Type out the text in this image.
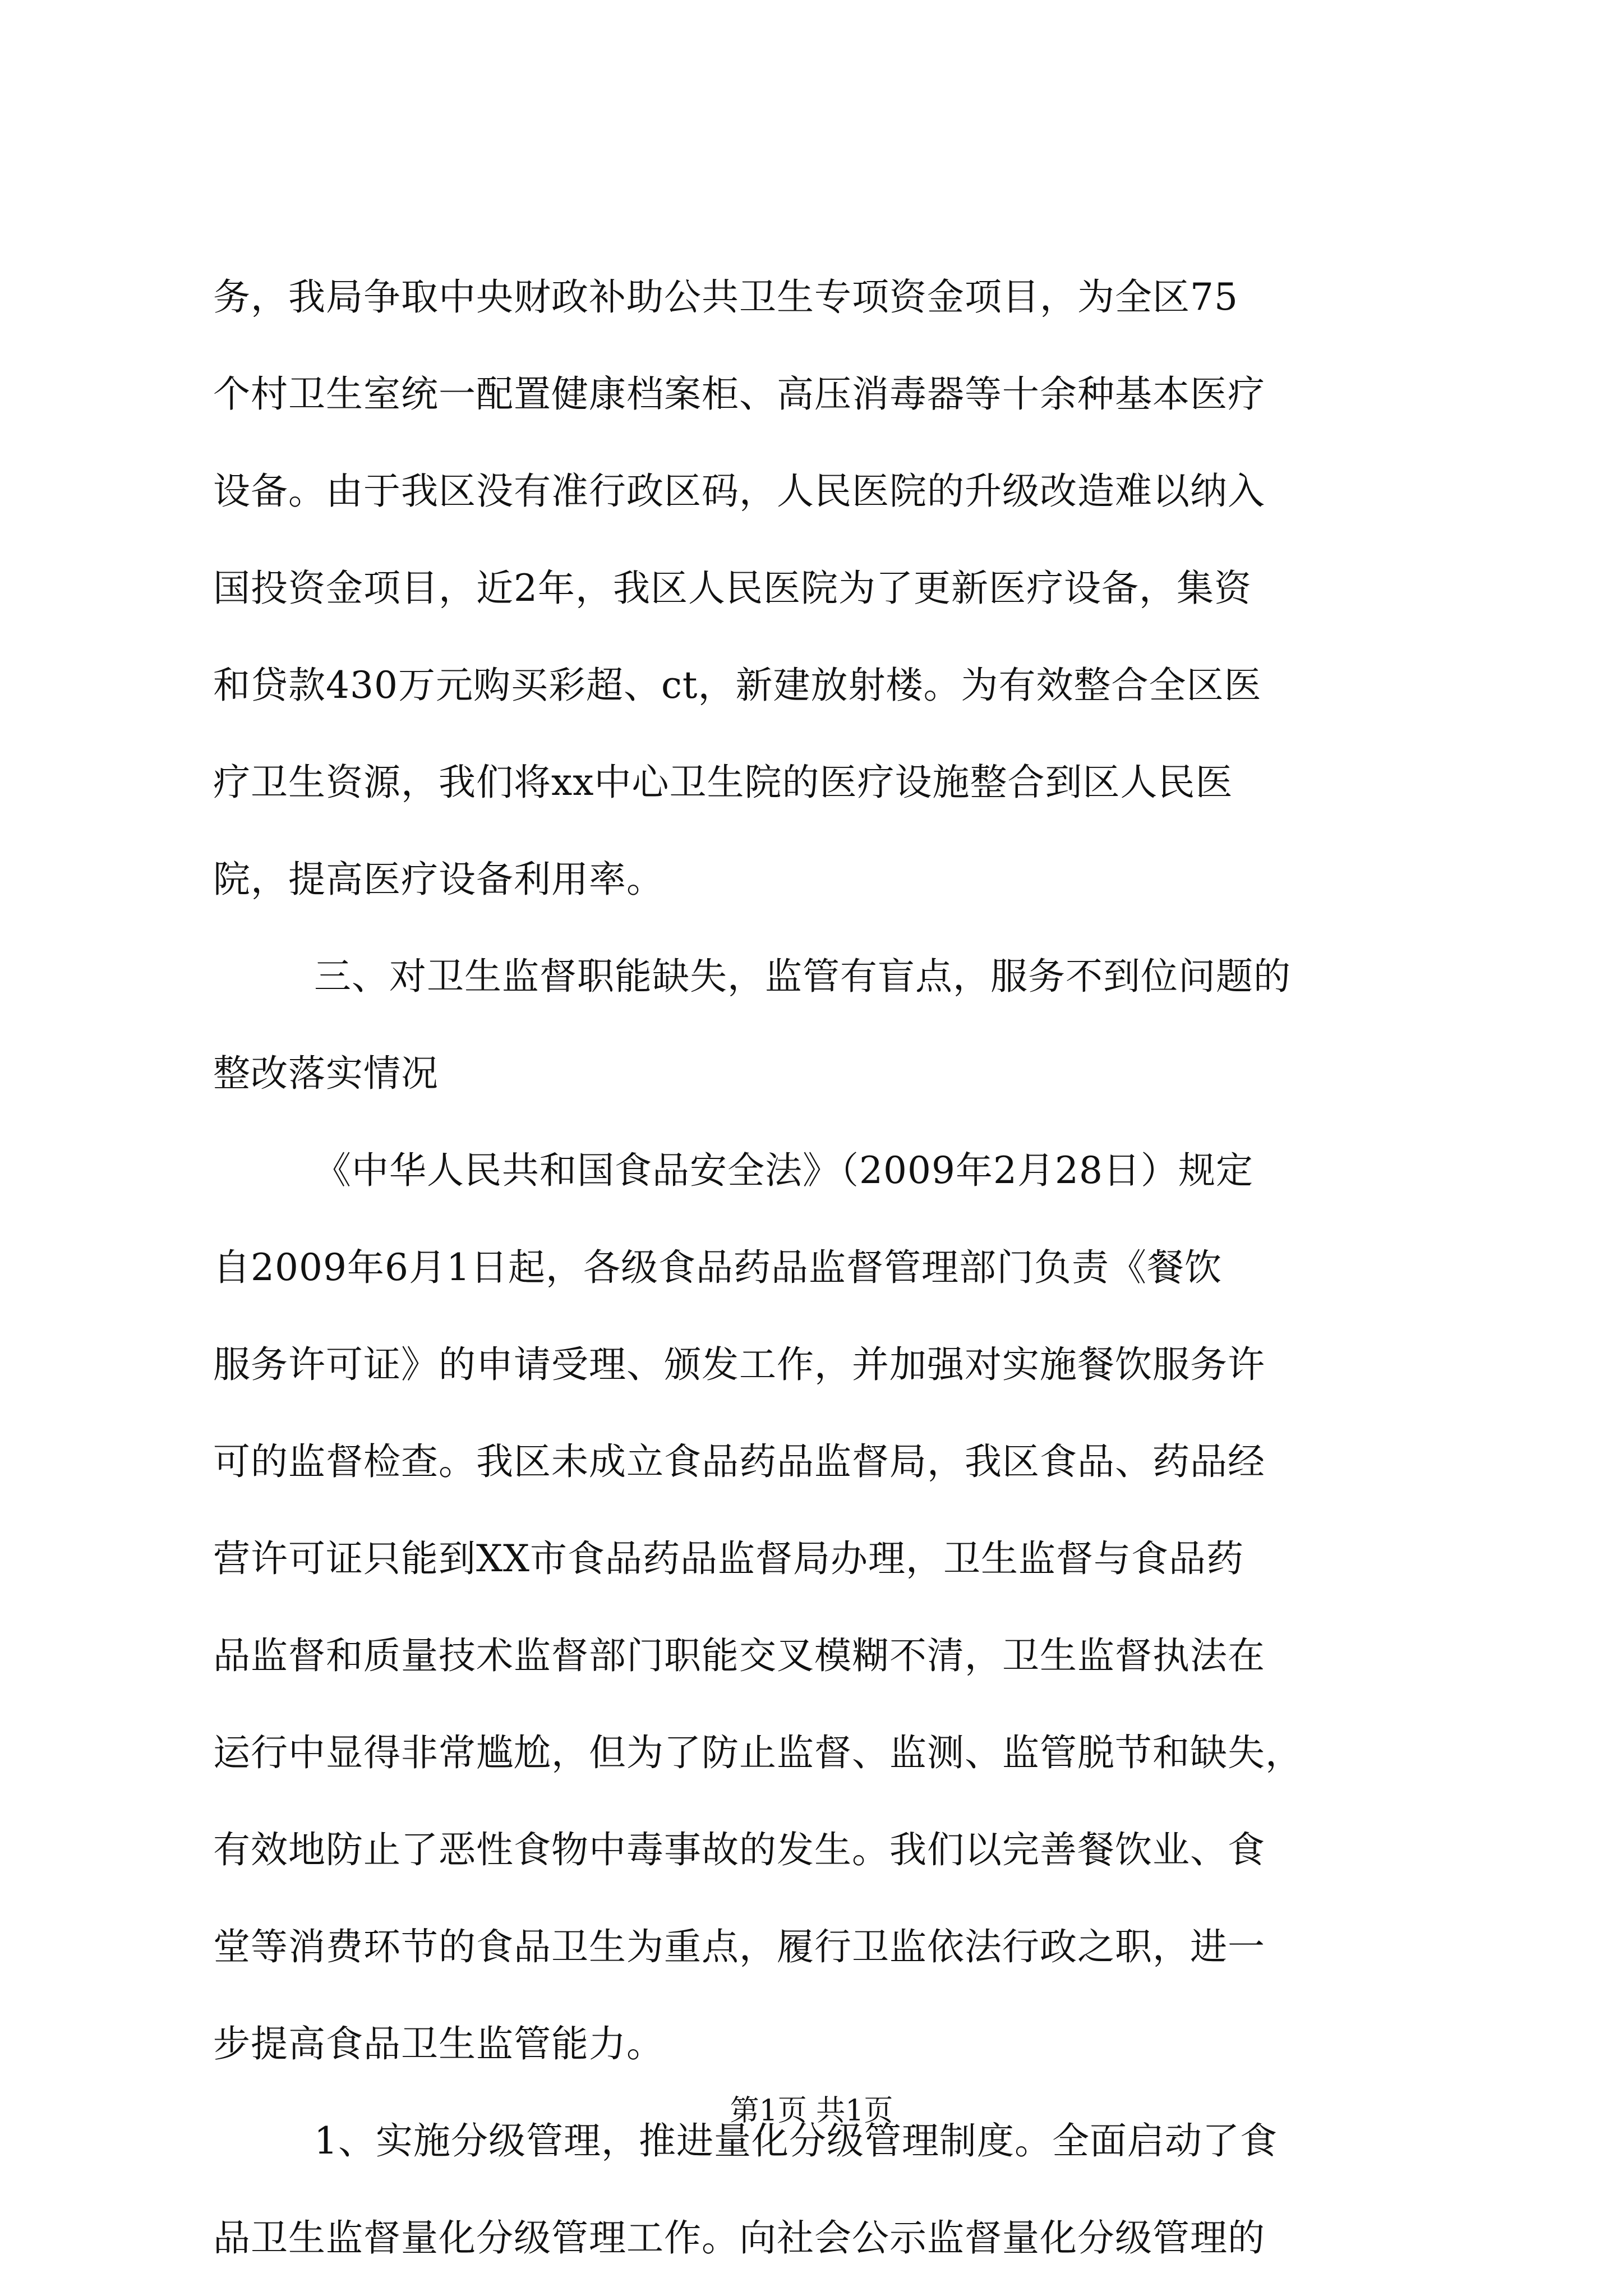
务，我局争取中央财政补助公共卫生专项资金项目，为全区75
个村卫生室统一配置健康档案柜、高压消毒器等十余种基本医疗
设备。由于我区没有准行政区码，人民医院的升级改造难以纳入
国投资金项目，近2年，我区人民医院为了更新医疗设备，集资
和贷款430万元购买彩超、ct，新建放射楼。为有效整合全区医
疗卫生资源，我们将xx中心卫生院的医疗设施整合到区人民医
院，提高医疗设备利用率。
三、对卫生监督职能缺失，监管有盲点，服务不到位问题的
整改落实情况
《中华人民共和国食品安全法》（2009年2月28日）规定
自2009年6月1日起，各级食品药品监督管理部门负责《餐饮
服务许可证》的申请受理、颁发工作，并加强对实施餐饮服务许
可的监督检查。我区未成立食品药品监督局，我区食品、药品经
营许可证只能到XX市食品药品监督局办理，卫生监督与食品药
品监督和质量技术监督部门职能交叉模糊不清，卫生监督执法在
运行中显得非常尴尬，但为了防止监督、监测、监管脱节和缺失，
有效地防止了恶性食物中毒事故的发生。我们以完善餐饮业、食
堂等消费环节的食品卫生为重点，履行卫监依法行政之职，进一
步提高食品卫生监管能力。
1、实施分级管理，推进量化分级管理制度。全面启动了食
品卫生监督量化分级管理工作。向社会公示监督量化分级管理的
第1页 共1页
